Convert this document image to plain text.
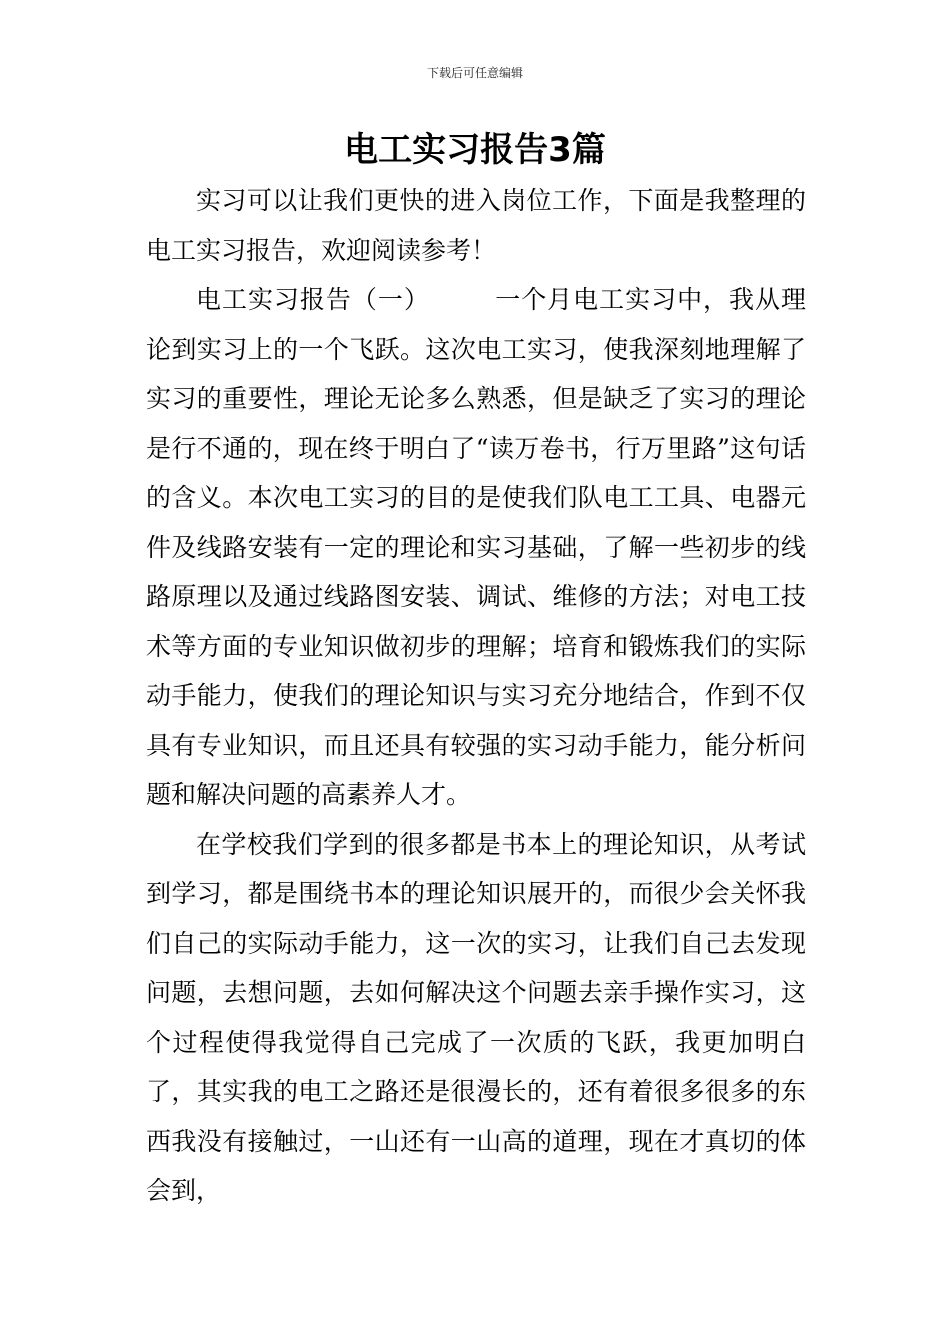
下载后可任意编辑
电工实习报告3篇

实习可以让我们更快的进入岗位工作，下面是我整理的电工实习报告，欢迎阅读参考！

电工实习报告（一）　　　一个月电工实习中，我从理论到实习上的一个飞跃。这次电工实习，使我深刻地理解了实习的重要性，理论无论多么熟悉，但是缺乏了实习的理论是行不通的，现在终于明白了“读万卷书，行万里路”这句话的含义。本次电工实习的目的是使我们队电工工具、电器元件及线路安装有一定的理论和实习基础，了解一些初步的线路原理以及通过线路图安装、调试、维修的方法；对电工技术等方面的专业知识做初步的理解；培育和锻炼我们的实际动手能力，使我们的理论知识与实习充分地结合，作到不仅具有专业知识，而且还具有较强的实习动手能力，能分析问题和解决问题的高素养人才。

在学校我们学到的很多都是书本上的理论知识，从考试到学习，都是围绕书本的理论知识展开的，而很少会关怀我们自己的实际动手能力，这一次的实习，让我们自己去发现问题，去想问题，去如何解决这个问题去亲手操作实习，这个过程使得我觉得自己完成了一次质的飞跃，我更加明白了，其实我的电工之路还是很漫长的，还有着很多很多的东西我没有接触过，一山还有一山高的道理，现在才真切的体会到，
